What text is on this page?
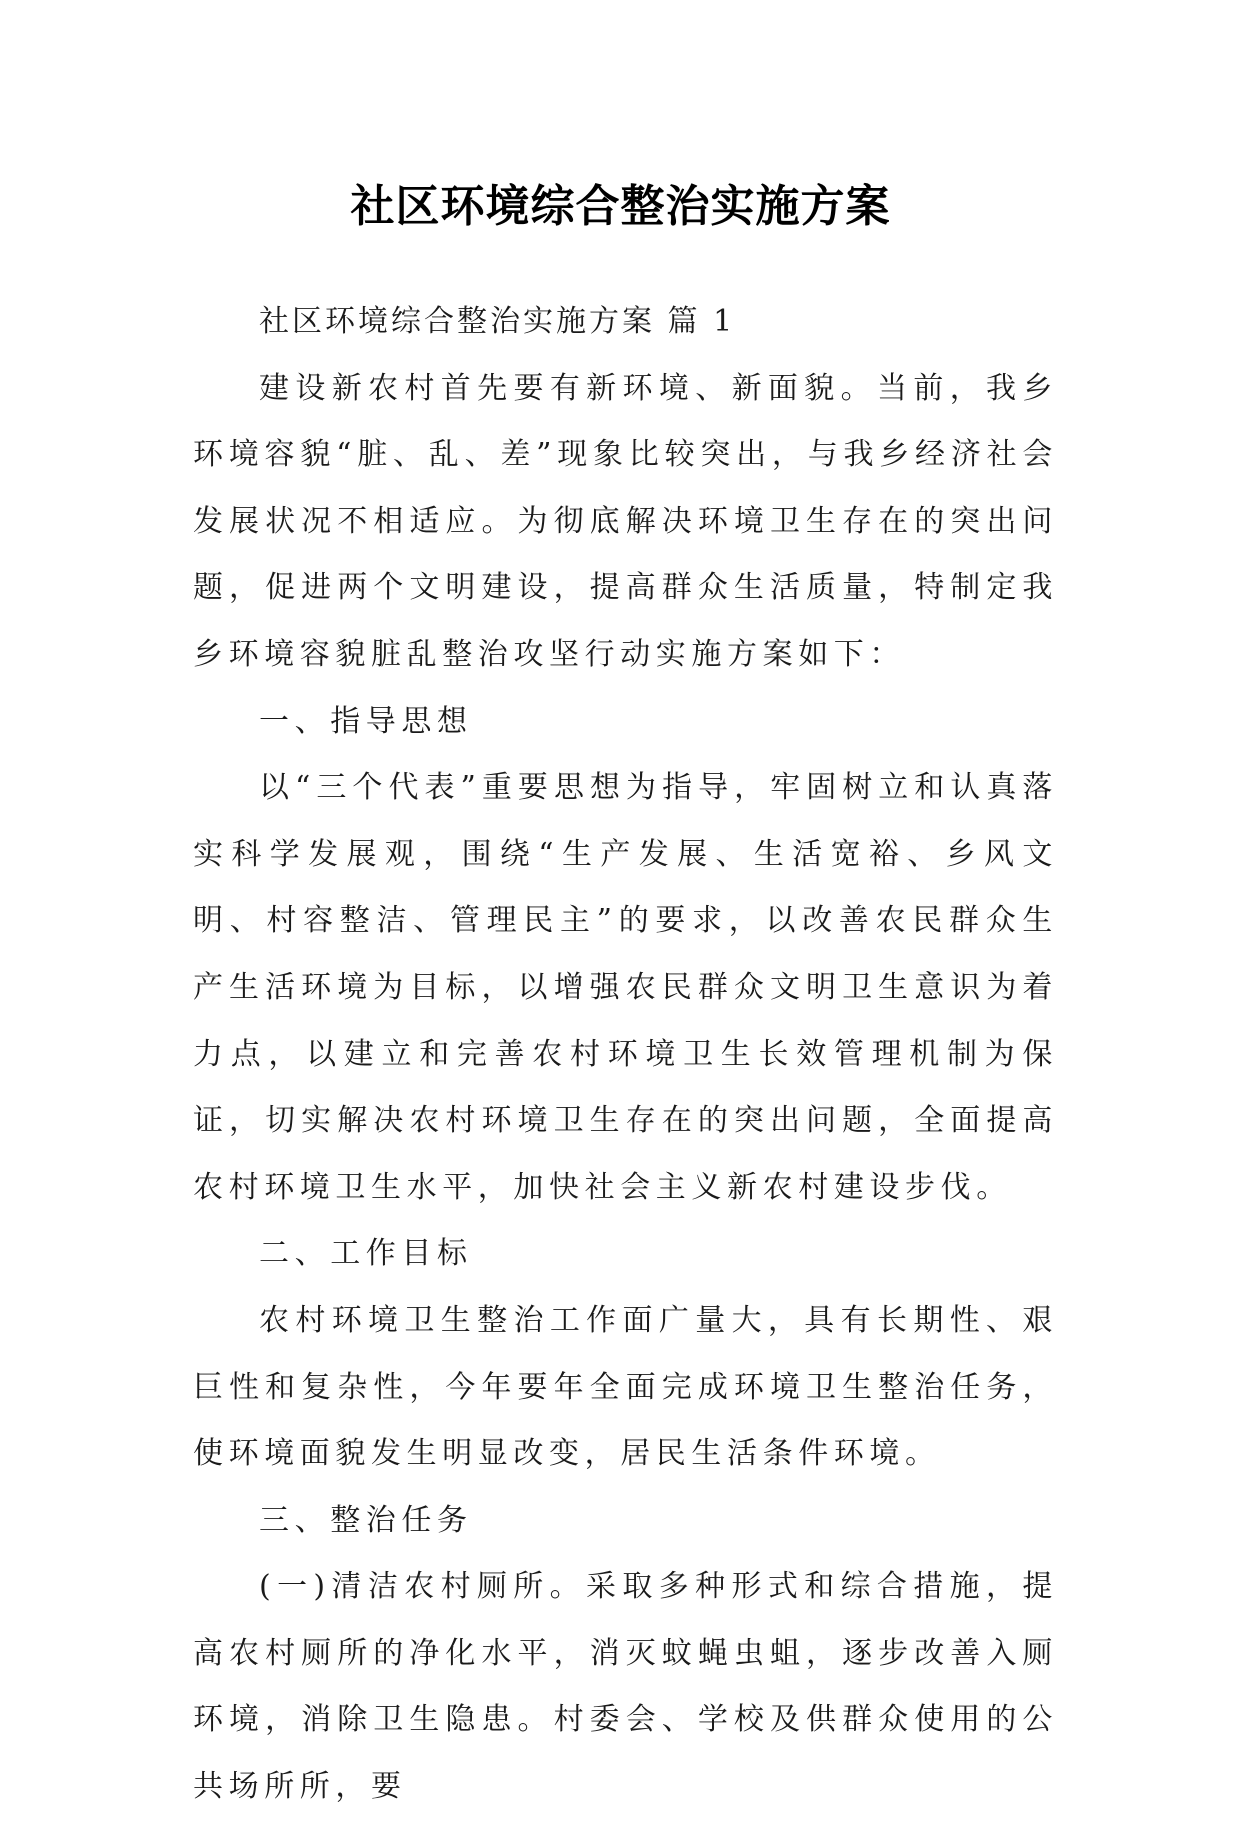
社区环境综合整治实施方案

社区环境综合整治实施方案 篇 1

建设新农村首先要有新环境、新面貌。当前，我乡环境容貌“脏、乱、差”现象比较突出，与我乡经济社会发展状况不相适应。为彻底解决环境卫生存在的突出问题，促进两个文明建设，提高群众生活质量，特制定我乡环境容貌脏乱整治攻坚行动实施方案如下：

一、指导思想

以“三个代表”重要思想为指导，牢固树立和认真落实科学发展观，围绕“生产发展、生活宽裕、乡风文明、村容整洁、管理民主”的要求，以改善农民群众生产生活环境为目标，以增强农民群众文明卫生意识为着力点，以建立和完善农村环境卫生长效管理机制为保证，切实解决农村环境卫生存在的突出问题，全面提高农村环境卫生水平，加快社会主义新农村建设步伐。

二、工作目标

农村环境卫生整治工作面广量大，具有长期性、艰巨性和复杂性，今年要年全面完成环境卫生整治任务，使环境面貌发生明显改变，居民生活条件环境。

三、整治任务

(一)清洁农村厕所。采取多种形式和综合措施，提高农村厕所的净化水平，消灭蚊蝇虫蛆，逐步改善入厕环境，消除卫生隐患。村委会、学校及供群众使用的公共场所所，要
